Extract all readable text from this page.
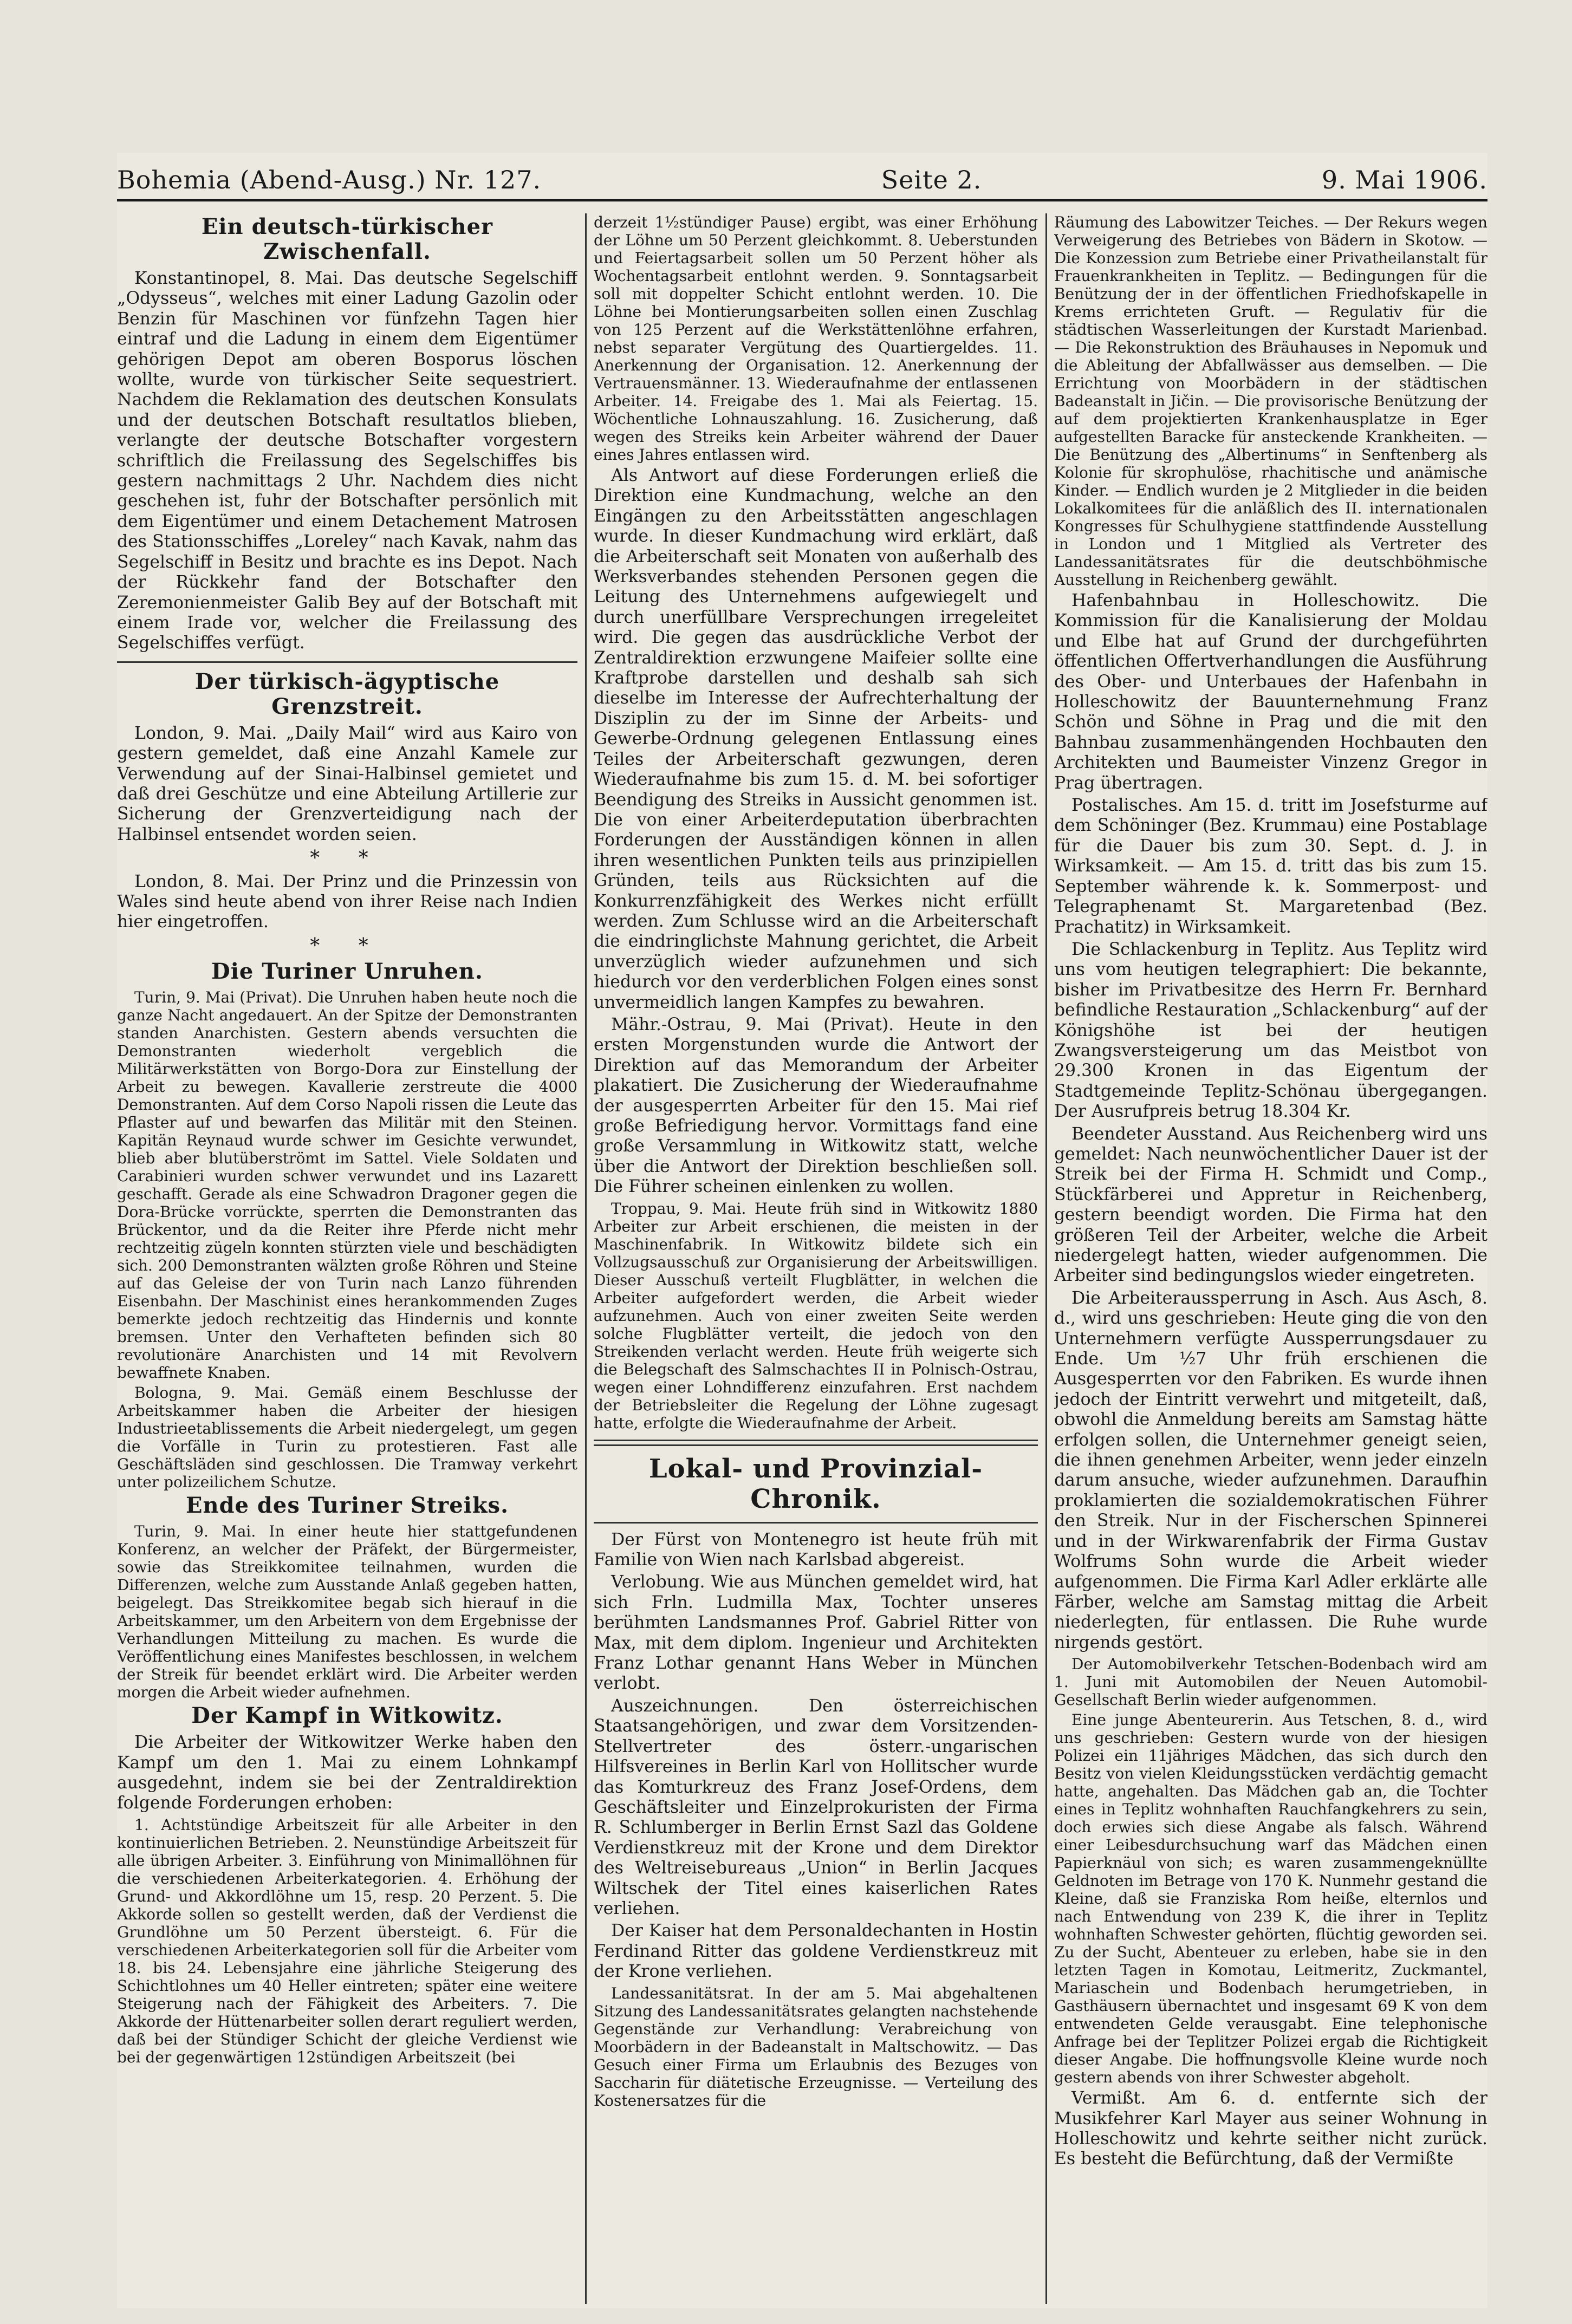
Bohemia (Abend-Ausg.) Nr. 127.	Seite 2.	9. Mai 1906.
Ein deutsch-türkischer Zwischenfall.

Konstantinopel, 8. Mai. Das deutsche Segelschiff „Odysseus“, welches mit einer Ladung Gazolin oder Benzin für Maschinen vor fünfzehn Tagen hier eintraf und die Ladung in einem dem Eigentümer gehörigen Depot am oberen Bosporus löschen wollte, wurde von türkischer Seite sequestriert. Nachdem die Reklamation des deutschen Konsulats und der deutschen Botschaft resultatlos blieben, verlangte der deutsche Botschafter vorgestern schriftlich die Freilassung des Segelschiffes bis gestern nachmittags 2 Uhr. Nachdem dies nicht geschehen ist, fuhr der Botschafter persönlich mit dem Eigentümer und einem Detachement Matrosen des Stationsschiffes „Loreley“ nach Kavak, nahm das Segelschiff in Besitz und brachte es ins Depot. Nach der Rückkehr fand der Botschafter den Zeremonienmeister Galib Bey auf der Botschaft mit einem Irade vor, welcher die Freilassung des Segelschiffes verfügt.

Der türkisch-ägyptische Grenzstreit.

London, 9. Mai. „Daily Mail“ wird aus Kairo von gestern gemeldet, daß eine Anzahl Kamele zur Verwendung auf der Sinai-Halbinsel gemietet und daß drei Geschütze und eine Abteilung Artillerie zur Sicherung der Grenzverteidigung nach der Halbinsel entsendet worden seien.

* *

London, 8. Mai. Der Prinz und die Prinzessin von Wales sind heute abend von ihrer Reise nach Indien hier eingetroffen.

* *
Die Turiner Unruhen.

Turin, 9. Mai (Privat). Die Unruhen haben heute noch die ganze Nacht angedauert. An der Spitze der Demonstranten standen Anarchisten. Gestern abends versuchten die Demonstranten wiederholt vergeblich die Militärwerkstätten von Borgo-Dora zur Einstellung der Arbeit zu bewegen. Kavallerie zerstreute die 4000 Demonstranten. Auf dem Corso Napoli rissen die Leute das Pflaster auf und bewarfen das Militär mit den Steinen. Kapitän Reynaud wurde schwer im Gesichte verwundet, blieb aber blutüberströmt im Sattel. Viele Soldaten und Carabinieri wurden schwer verwundet und ins Lazarett geschafft. Gerade als eine Schwadron Dragoner gegen die Dora-Brücke vorrückte, sperrten die Demonstranten das Brückentor, und da die Reiter ihre Pferde nicht mehr rechtzeitig zügeln konnten stürzten viele und beschädigten sich. 200 Demonstranten wälzten große Röhren und Steine auf das Geleise der von Turin nach Lanzo führenden Eisenbahn. Der Maschinist eines herankommenden Zuges bemerkte jedoch rechtzeitig das Hindernis und konnte bremsen. Unter den Verhafteten befinden sich 80 revolutionäre Anarchisten und 14 mit Revolvern bewaffnete Knaben.

Bologna, 9. Mai. Gemäß einem Beschlusse der Arbeitskammer haben die Arbeiter der hiesigen Industrieetablissements die Arbeit niedergelegt, um gegen die Vorfälle in Turin zu protestieren. Fast alle Geschäftsläden sind geschlossen. Die Tramway verkehrt unter polizeilichem Schutze.

Ende des Turiner Streiks.

Turin, 9. Mai. In einer heute hier stattgefundenen Konferenz, an welcher der Präfekt, der Bürgermeister, sowie das Streikkomitee teilnahmen, wurden die Differenzen, welche zum Ausstande Anlaß gegeben hatten, beigelegt. Das Streikkomitee begab sich hierauf in die Arbeitskammer, um den Arbeitern von dem Ergebnisse der Verhandlungen Mitteilung zu machen. Es wurde die Veröffentlichung eines Manifestes beschlossen, in welchem der Streik für beendet erklärt wird. Die Arbeiter werden morgen die Arbeit wieder aufnehmen.

Der Kampf in Witkowitz.

Die Arbeiter der Witkowitzer Werke haben den Kampf um den 1. Mai zu einem Lohnkampf ausgedehnt, indem sie bei der Zentraldirektion folgende Forderungen erhoben:

1. Achtstündige Arbeitszeit für alle Arbeiter in den kontinuierlichen Betrieben. 2. Neunstündige Arbeitszeit für alle übrigen Arbeiter. 3. Einführung von Minimallöhnen für die verschiedenen Arbeiterkategorien. 4. Erhöhung der Grund- und Akkordlöhne um 15, resp. 20 Perzent. 5. Die Akkorde sollen so gestellt werden, daß der Verdienst die Grundlöhne um 50 Perzent übersteigt. 6. Für die verschiedenen Arbeiterkategorien soll für die Arbeiter vom 18. bis 24. Lebensjahre eine jährliche Steigerung des Schichtlohnes um 40 Heller eintreten; später eine weitere Steigerung nach der Fähigkeit des Arbeiters. 7. Die Akkorde der Hüttenarbeiter sollen derart reguliert werden, daß bei der Stündiger Schicht der gleiche Verdienst wie bei der gegenwärtigen 12stündigen Arbeitszeit (bei

derzeit 1½stündiger Pause) ergibt, was einer Erhöhung der Löhne um 50 Perzent gleichkommt. 8. Ueberstunden und Feiertagsarbeit sollen um 50 Perzent höher als Wochentagsarbeit entlohnt werden. 9. Sonntagsarbeit soll mit doppelter Schicht entlohnt werden. 10. Die Löhne bei Montierungsarbeiten sollen einen Zuschlag von 125 Perzent auf die Werkstättenlöhne erfahren, nebst separater Vergütung des Quartiergeldes. 11. Anerkennung der Organisation. 12. Anerkennung der Vertrauensmänner. 13. Wiederaufnahme der entlassenen Arbeiter. 14. Freigabe des 1. Mai als Feiertag. 15. Wöchentliche Lohnauszahlung. 16. Zusicherung, daß wegen des Streiks kein Arbeiter während der Dauer eines Jahres entlassen wird.

Als Antwort auf diese Forderungen erließ die Direktion eine Kundmachung, welche an den Eingängen zu den Arbeitsstätten angeschlagen wurde. In dieser Kundmachung wird erklärt, daß die Arbeiterschaft seit Monaten von außerhalb des Werksverbandes stehenden Personen gegen die Leitung des Unternehmens aufgewiegelt und durch unerfüllbare Versprechungen irregeleitet wird. Die gegen das ausdrückliche Verbot der Zentraldirektion erzwungene Maifeier sollte eine Kraftprobe darstellen und deshalb sah sich dieselbe im Interesse der Aufrechterhaltung der Disziplin zu der im Sinne der Arbeits- und Gewerbe-Ordnung gelegenen Entlassung eines Teiles der Arbeiterschaft gezwungen, deren Wiederaufnahme bis zum 15. d. M. bei sofortiger Beendigung des Streiks in Aussicht genommen ist. Die von einer Arbeiterdeputation überbrachten Forderungen der Ausständigen können in allen ihren wesentlichen Punkten teils aus prinzipiellen Gründen, teils aus Rücksichten auf die Konkurrenzfähigkeit des Werkes nicht erfüllt werden. Zum Schlusse wird an die Arbeiterschaft die eindringlichste Mahnung gerichtet, die Arbeit unverzüglich wieder aufzunehmen und sich hiedurch vor den verderblichen Folgen eines sonst unvermeidlich langen Kampfes zu bewahren.

Mähr.-Ostrau, 9. Mai (Privat). Heute in den ersten Morgenstunden wurde die Antwort der Direktion auf das Memorandum der Arbeiter plakatiert. Die Zusicherung der Wiederaufnahme der ausgesperrten Arbeiter für den 15. Mai rief große Befriedigung hervor. Vormittags fand eine große Versammlung in Witkowitz statt, welche über die Antwort der Direktion beschließen soll. Die Führer scheinen einlenken zu wollen.

Troppau, 9. Mai. Heute früh sind in Witkowitz 1880 Arbeiter zur Arbeit erschienen, die meisten in der Maschinenfabrik. In Witkowitz bildete sich ein Vollzugsausschuß zur Organisierung der Arbeitswilligen. Dieser Ausschuß verteilt Flugblätter, in welchen die Arbeiter aufgefordert werden, die Arbeit wieder aufzunehmen. Auch von einer zweiten Seite werden solche Flugblätter verteilt, die jedoch von den Streikenden verlacht werden. Heute früh weigerte sich die Belegschaft des Salmschachtes II in Polnisch-Ostrau, wegen einer Lohndifferenz einzufahren. Erst nachdem der Betriebsleiter die Regelung der Löhne zugesagt hatte, erfolgte die Wiederaufnahme der Arbeit.

Lokal- und Provinzial-Chronik.

Der Fürst von Montenegro ist heute früh mit Familie von Wien nach Karlsbad abgereist.

Verlobung. Wie aus München gemeldet wird, hat sich Frln. Ludmilla Max, Tochter unseres berühmten Landsmannes Prof. Gabriel Ritter von Max, mit dem diplom. Ingenieur und Architekten Franz Lothar genannt Hans Weber in München verlobt.

Auszeichnungen. Den österreichischen Staatsangehörigen, und zwar dem Vorsitzenden-Stellvertreter des österr.-ungarischen Hilfsvereines in Berlin Karl von Hollitscher wurde das Komturkreuz des Franz Josef-Ordens, dem Geschäftsleiter und Einzelprokuristen der Firma R. Schlumberger in Berlin Ernst Sazl das Goldene Verdienstkreuz mit der Krone und dem Direktor des Weltreisebureaus „Union“ in Berlin Jacques Wiltschek der Titel eines kaiserlichen Rates verliehen.

Der Kaiser hat dem Personaldechanten in Hostin Ferdinand Ritter das goldene Verdienstkreuz mit der Krone verliehen.

Landessanitätsrat. In der am 5. Mai abgehaltenen Sitzung des Landessanitätsrates gelangten nachstehende Gegenstände zur Verhandlung: Verabreichung von Moorbädern in der Badeanstalt in Maltschowitz. — Das Gesuch einer Firma um Erlaubnis des Bezuges von Saccharin für diätetische Erzeugnisse. — Verteilung des Kostenersatzes für die

Räumung des Labowitzer Teiches. — Der Rekurs wegen Verweigerung des Betriebes von Bädern in Skotow. — Die Konzession zum Betriebe einer Privatheilanstalt für Frauenkrankheiten in Teplitz. — Bedingungen für die Benützung der in der öffentlichen Friedhofskapelle in Krems errichteten Gruft. — Regulativ für die städtischen Wasserleitungen der Kurstadt Marienbad. — Die Rekonstruktion des Bräuhauses in Nepomuk und die Ableitung der Abfallwässer aus demselben. — Die Errichtung von Moorbädern in der städtischen Badeanstalt in Jičin. — Die provisorische Benützung der auf dem projektierten Krankenhausplatze in Eger aufgestellten Baracke für ansteckende Krankheiten. — Die Benützung des „Albertinums“ in Senftenberg als Kolonie für skrophulöse, rhachitische und anämische Kinder. — Endlich wurden je 2 Mitglieder in die beiden Lokalkomitees für die anläßlich des II. internationalen Kongresses für Schulhygiene stattfindende Ausstellung in London und 1 Mitglied als Vertreter des Landessanitätsrates für die deutschböhmische Ausstellung in Reichenberg gewählt.

Hafenbahnbau in Holleschowitz. Die Kommission für die Kanalisierung der Moldau und Elbe hat auf Grund der durchgeführten öffentlichen Offertverhandlungen die Ausführung des Ober- und Unterbaues der Hafenbahn in Holleschowitz der Bauunternehmung Franz Schön und Söhne in Prag und die mit den Bahnbau zusammenhängenden Hochbauten den Architekten und Baumeister Vinzenz Gregor in Prag übertragen.

Postalisches. Am 15. d. tritt im Josefsturme auf dem Schöninger (Bez. Krummau) eine Postablage für die Dauer bis zum 30. Sept. d. J. in Wirksamkeit. — Am 15. d. tritt das bis zum 15. September währende k. k. Sommerpost- und Telegraphenamt St. Margaretenbad (Bez. Prachatitz) in Wirksamkeit.

Die Schlackenburg in Teplitz. Aus Teplitz wird uns vom heutigen telegraphiert: Die bekannte, bisher im Privatbesitze des Herrn Fr. Bernhard befindliche Restauration „Schlackenburg“ auf der Königshöhe ist bei der heutigen Zwangsversteigerung um das Meistbot von 29.300 Kronen in das Eigentum der Stadtgemeinde Teplitz-Schönau übergegangen. Der Ausrufpreis betrug 18.304 Kr.

Beendeter Ausstand. Aus Reichenberg wird uns gemeldet: Nach neunwöchentlicher Dauer ist der Streik bei der Firma H. Schmidt und Comp., Stückfärberei und Appretur in Reichenberg, gestern beendigt worden. Die Firma hat den größeren Teil der Arbeiter, welche die Arbeit niedergelegt hatten, wieder aufgenommen. Die Arbeiter sind bedingungslos wieder eingetreten.

Die Arbeiteraussperrung in Asch. Aus Asch, 8. d., wird uns geschrieben: Heute ging die von den Unternehmern verfügte Aussperrungsdauer zu Ende. Um ½7 Uhr früh erschienen die Ausgesperrten vor den Fabriken. Es wurde ihnen jedoch der Eintritt verwehrt und mitgeteilt, daß, obwohl die Anmeldung bereits am Samstag hätte erfolgen sollen, die Unternehmer geneigt seien, die ihnen genehmen Arbeiter, wenn jeder einzeln darum ansuche, wieder aufzunehmen. Daraufhin proklamierten die sozialdemokratischen Führer den Streik. Nur in der Fischerschen Spinnerei und in der Wirkwarenfabrik der Firma Gustav Wolfrums Sohn wurde die Arbeit wieder aufgenommen. Die Firma Karl Adler erklärte alle Färber, welche am Samstag mittag die Arbeit niederlegten, für entlassen. Die Ruhe wurde nirgends gestört.

Der Automobilverkehr Tetschen-Bodenbach wird am 1. Juni mit Automobilen der Neuen Automobil-Gesellschaft Berlin wieder aufgenommen.

Eine junge Abenteurerin. Aus Tetschen, 8. d., wird uns geschrieben: Gestern wurde von der hiesigen Polizei ein 11jähriges Mädchen, das sich durch den Besitz von vielen Kleidungsstücken verdächtig gemacht hatte, angehalten. Das Mädchen gab an, die Tochter eines in Teplitz wohnhaften Rauchfangkehrers zu sein, doch erwies sich diese Angabe als falsch. Während einer Leibesdurchsuchung warf das Mädchen einen Papierknäul von sich; es waren zusammengeknüllte Geldnoten im Betrage von 170 K. Nunmehr gestand die Kleine, daß sie Franziska Rom heiße, elternlos und nach Entwendung von 239 K, die ihrer in Teplitz wohnhaften Schwester gehörten, flüchtig geworden sei. Zu der Sucht, Abenteuer zu erleben, habe sie in den letzten Tagen in Komotau, Leitmeritz, Zuckmantel, Mariaschein und Bodenbach herumgetrieben, in Gasthäusern übernachtet und insgesamt 69 K von dem entwendeten Gelde verausgabt. Eine telephonische Anfrage bei der Teplitzer Polizei ergab die Richtigkeit dieser Angabe. Die hoffnungsvolle Kleine wurde noch gestern abends von ihrer Schwester abgeholt.

Vermißt. Am 6. d. entfernte sich der Musikfehrer Karl Mayer aus seiner Wohnung in Holleschowitz und kehrte seither nicht zurück. Es besteht die Befürchtung, daß der Vermißte
